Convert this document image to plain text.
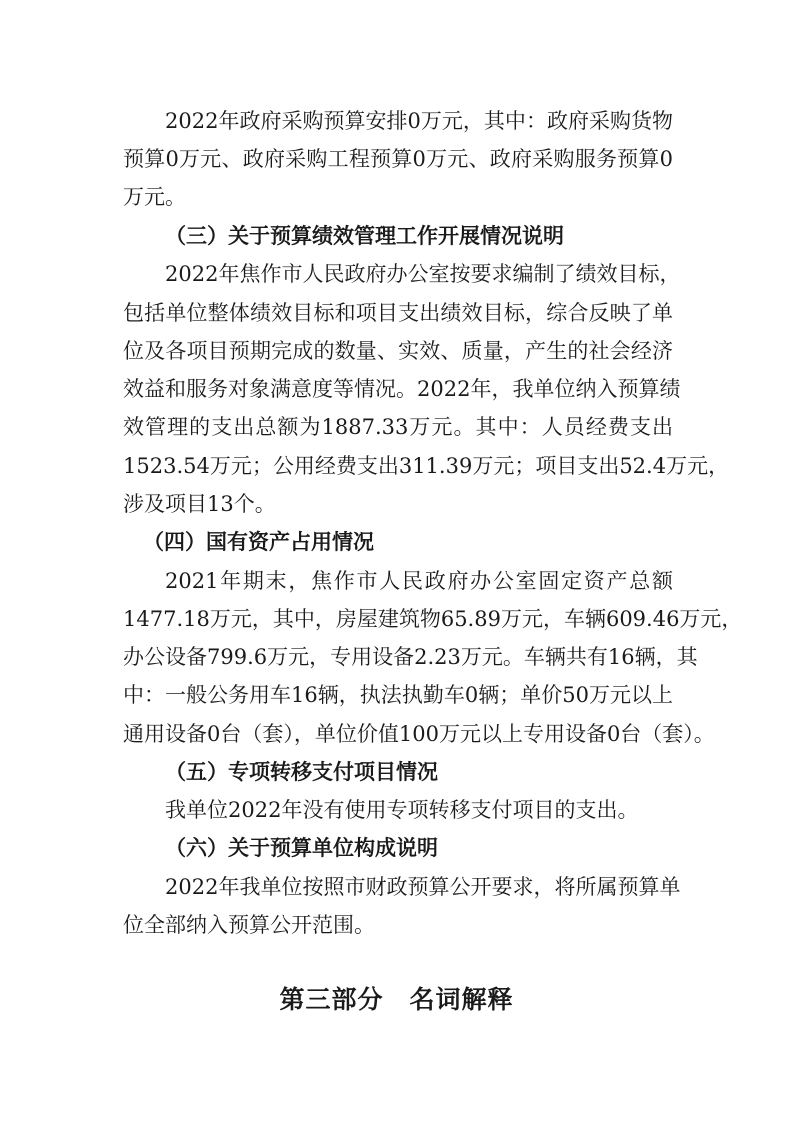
2022年政府采购预算安排0万元，其中：政府采购货物
预算0万元、政府采购工程预算0万元、政府采购服务预算0
万元。
（三）关于预算绩效管理工作开展情况说明
2022年焦作市人民政府办公室按要求编制了绩效目标，
包括单位整体绩效目标和项目支出绩效目标，综合反映了单
位及各项目预期完成的数量、实效、质量，产生的社会经济
效益和服务对象满意度等情况。2022年，我单位纳入预算绩
效管理的支出总额为1887.33万元。其中：人员经费支出
1523.54万元；公用经费支出311.39万元；项目支出52.4万元，
涉及项目13个。
（四）国有资产占用情况
2021年期末，焦作市人民政府办公室固定资产总额
1477.18万元，其中，房屋建筑物65.89万元，车辆609.46万元，
办公设备799.6万元，专用设备2.23万元。车辆共有16辆，其
中：一般公务用车16辆，执法执勤车0辆；单价50万元以上
通用设备0台（套），单位价值100万元以上专用设备0台（套）。
（五）专项转移支付项目情况
我单位2022年没有使用专项转移支付项目的支出。
（六）关于预算单位构成说明
2022年我单位按照市财政预算公开要求，将所属预算单
位全部纳入预算公开范围。
第三部分　名词解释
